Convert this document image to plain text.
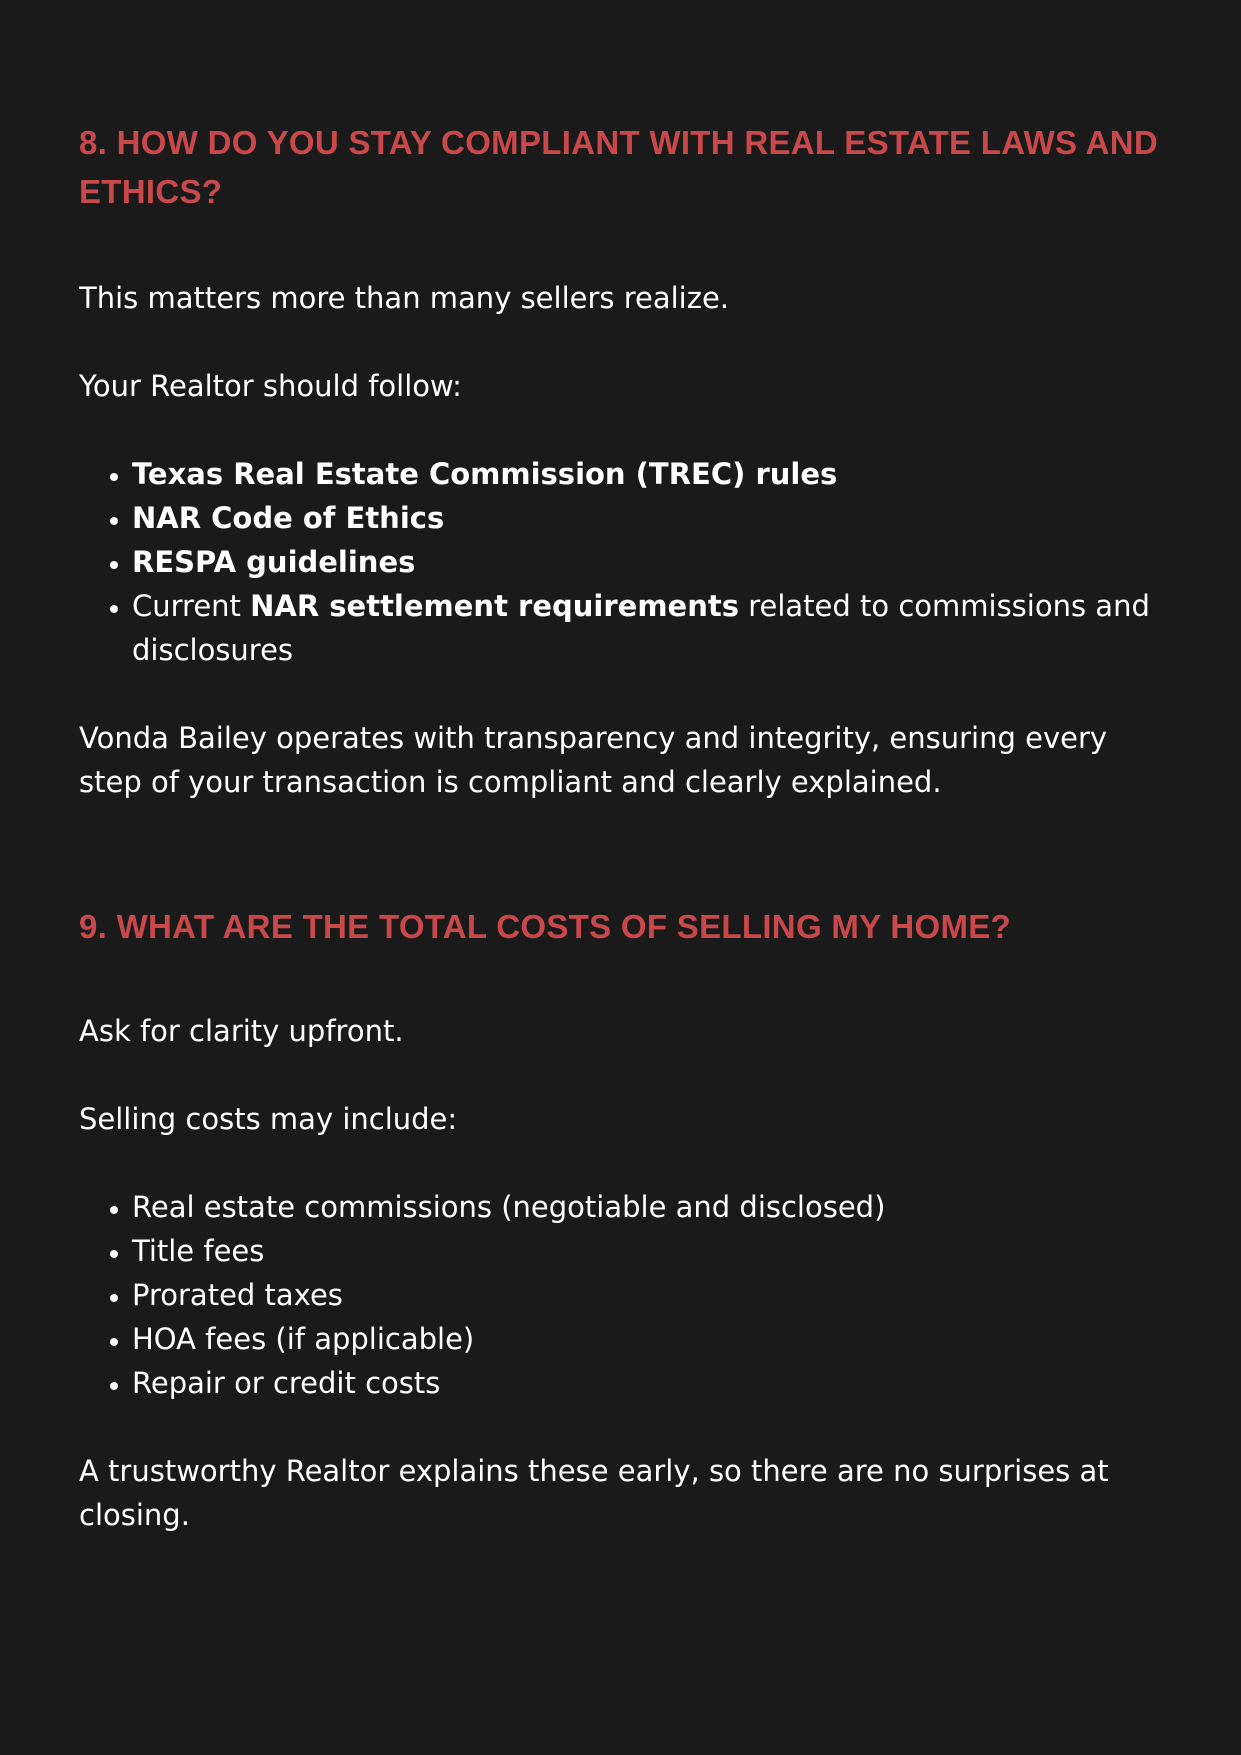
8. HOW DO YOU STAY COMPLIANT WITH REAL ESTATE LAWS AND ETHICS?

This matters more than many sellers realize.

Your Realtor should follow:

• Texas Real Estate Commission (TREC) rules
• NAR Code of Ethics
• RESPA guidelines
• Current NAR settlement requirements related to commissions and disclosures

Vonda Bailey operates with transparency and integrity, ensuring every step of your transaction is compliant and clearly explained.

9. WHAT ARE THE TOTAL COSTS OF SELLING MY HOME?

Ask for clarity upfront.

Selling costs may include:

• Real estate commissions (negotiable and disclosed)
• Title fees
• Prorated taxes
• HOA fees (if applicable)
• Repair or credit costs

A trustworthy Realtor explains these early, so there are no surprises at closing.
